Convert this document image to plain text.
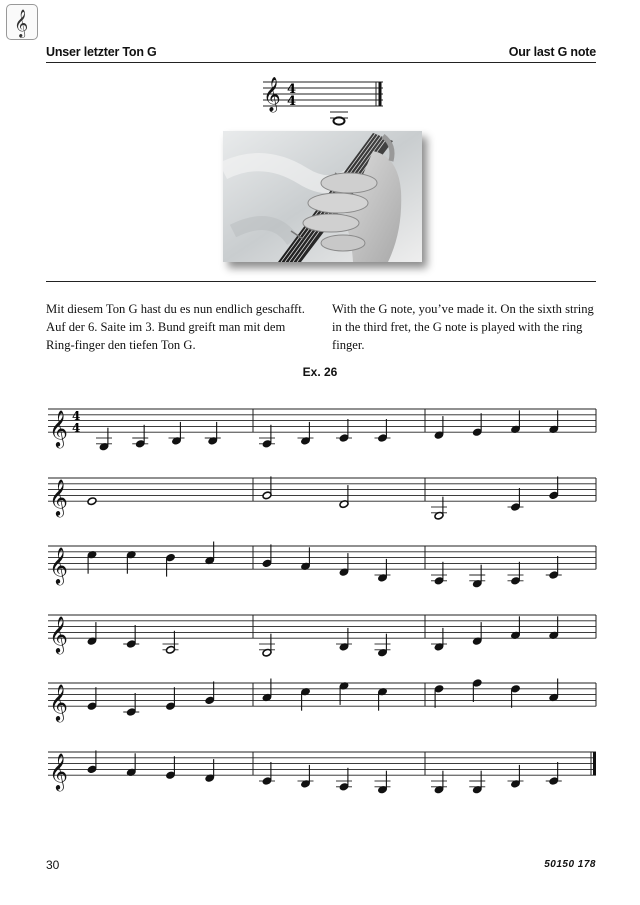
𝄞
Unser letzter Ton G	Our last G note
𝄞 4
4
Mit diesem Ton G hast du es nun endlich geschafft. Auf der 6. Saite im 3. Bund greift man mit dem Ring-finger den tiefen Ton G.
With the G note, you’ve made it. On the sixth string in the third fret, the G note is played with the ring finger.
Ex. 26
𝄞 4
4
𝄞
𝄞
𝄞
𝄞
𝄞
30	50150 178
